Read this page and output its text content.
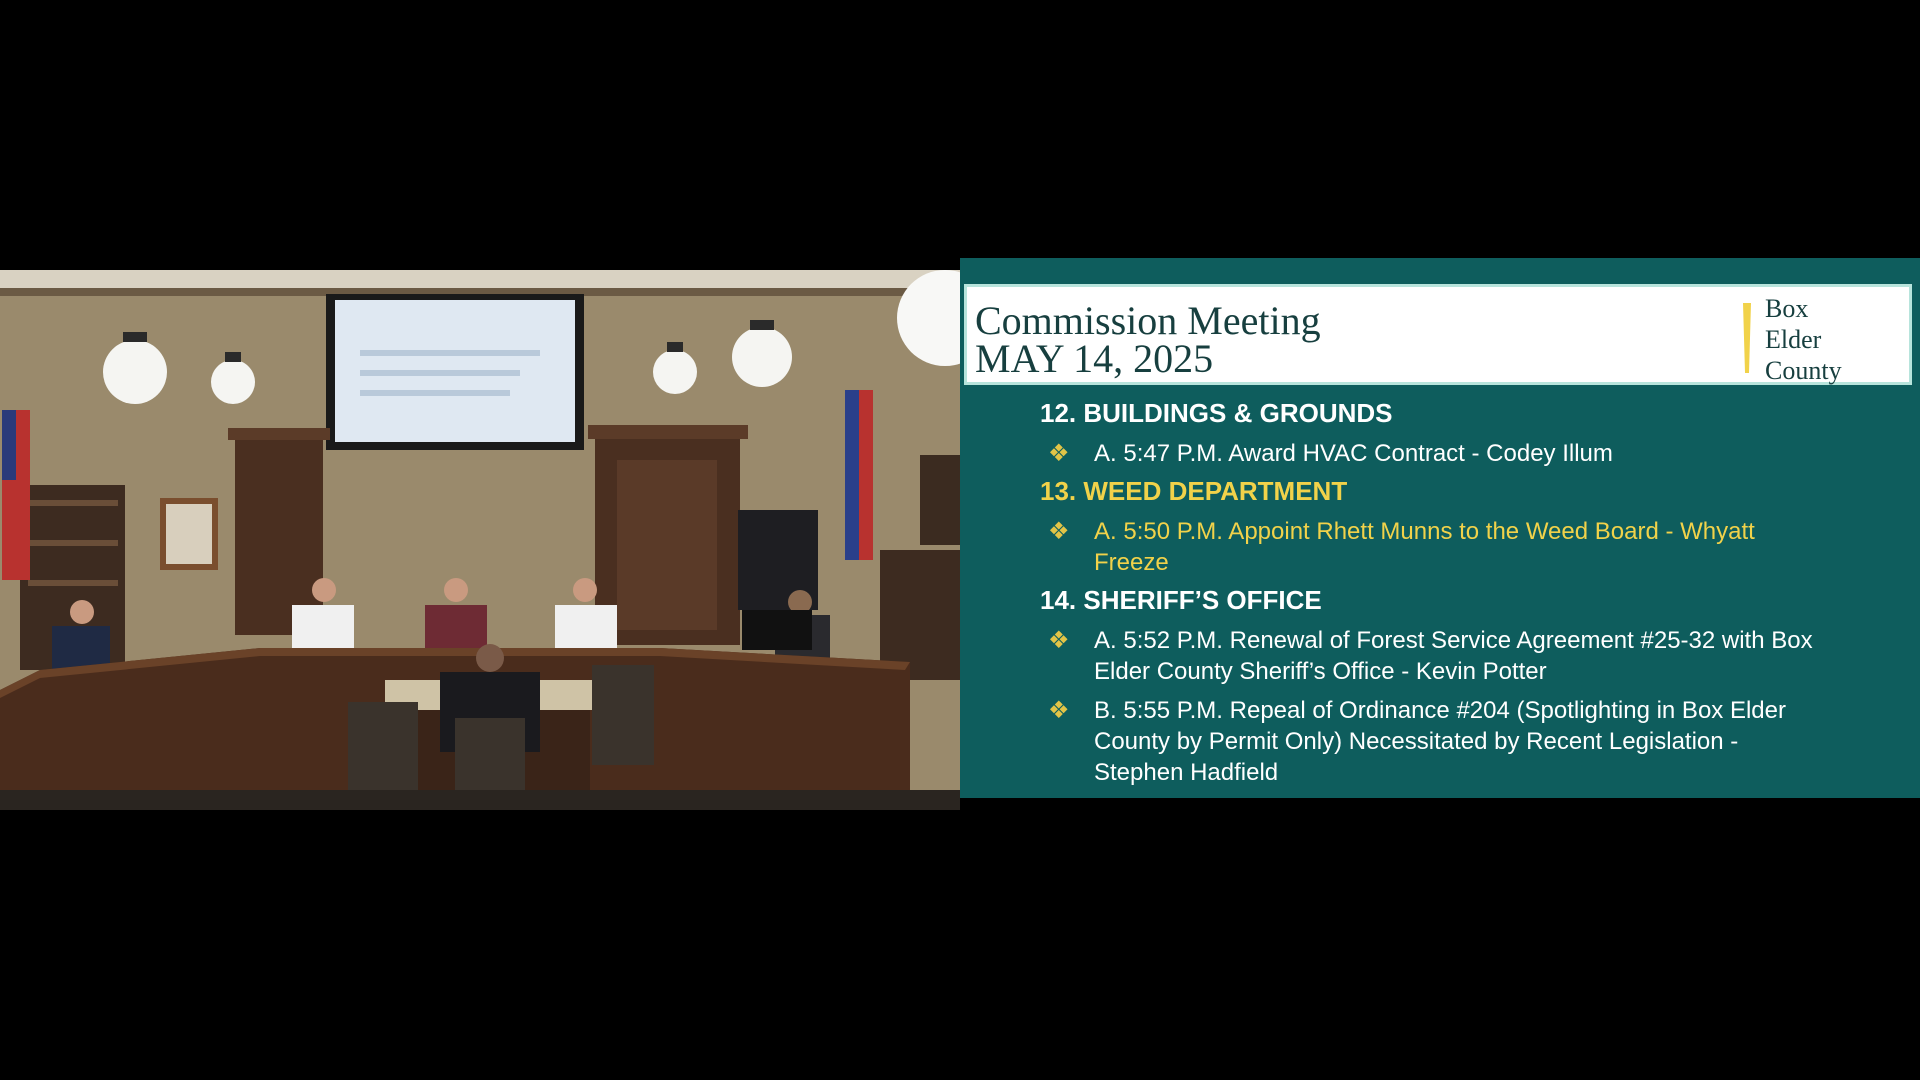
Commission Meeting
MAY 14, 2025
Box
Elder
County
12. BUILDINGS & GROUNDS
❖ A. 5:47 P.M. Award HVAC Contract - Codey Illum
13. WEED DEPARTMENT
❖ A. 5:50 P.M. Appoint Rhett Munns to the Weed Board - Whyatt Freeze
14. SHERIFF’S OFFICE
❖ A. 5:52 P.M. Renewal of Forest Service Agreement #25-32 with Box Elder County Sheriff’s Office - Kevin Potter
❖ B. 5:55 P.M. Repeal of Ordinance #204 (Spotlighting in Box Elder County by Permit Only) Necessitated by Recent Legislation - Stephen Hadfield
